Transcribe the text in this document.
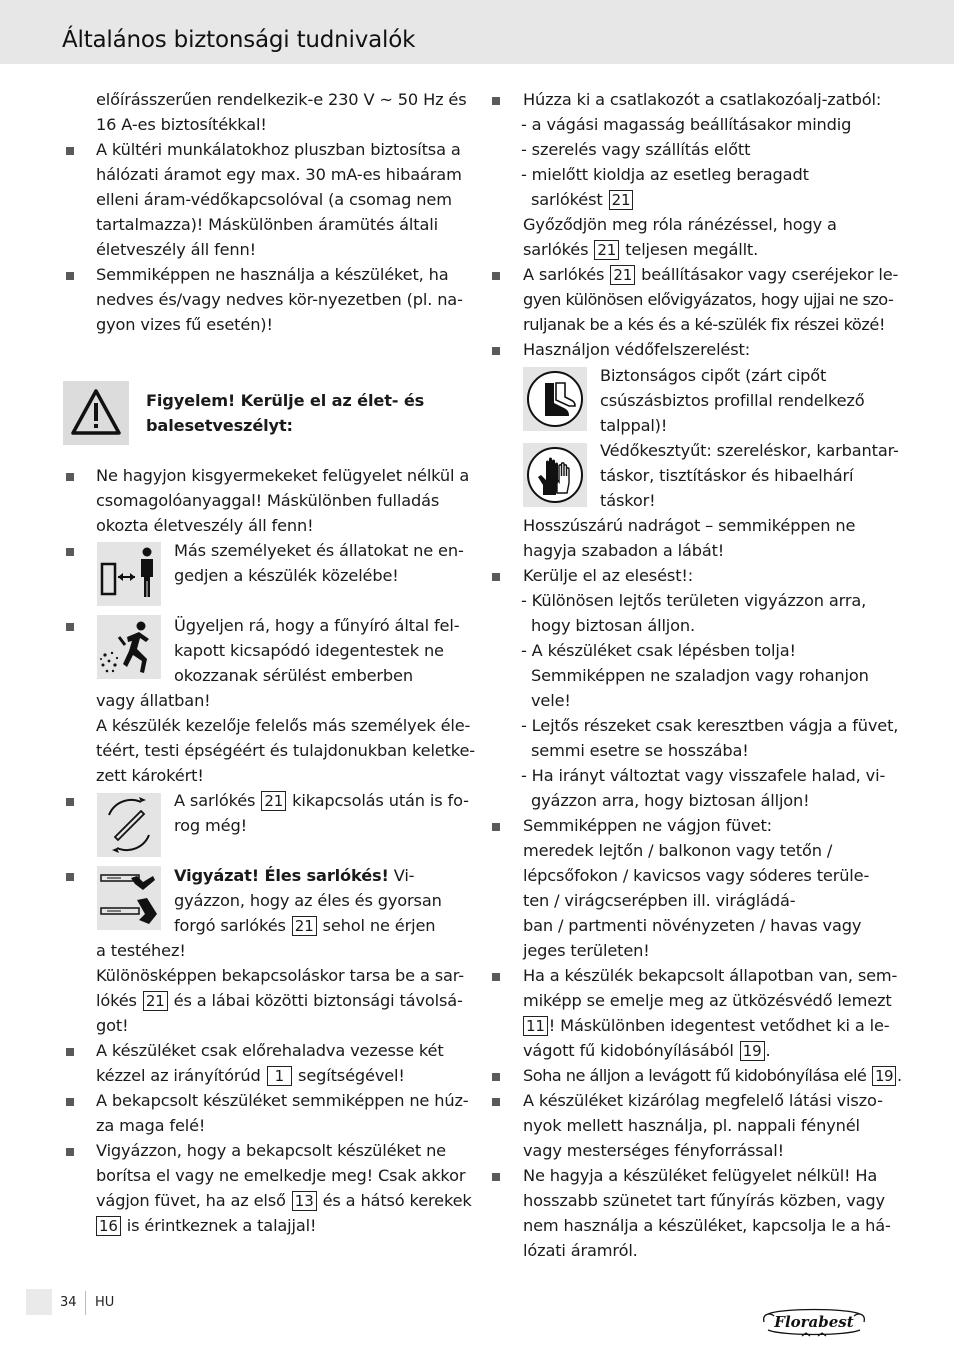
Általános biztonsági tudnivalók
előírásszerűen rendelkezik-e 230 V ~ 50 Hz és
16 A-es biztosítékkal!
A kültéri munkálatokhoz pluszban biztosítsa a
hálózati áramot egy max. 30 mA-es hibaáram
elleni áram-védőkapcsolóval (a csomag nem
tartalmazza)! Máskülönben áramütés általi
életveszély áll fenn!
Semmiképpen ne használja a készüléket, ha
nedves és/vagy nedves kör-nyezetben (pl. na-
gyon vizes fű esetén)!
Figyelem! Kerülje el az élet- és
balesetveszélyt:
Ne hagyjon kisgyermekeket felügyelet nélkül a
csomagolóanyaggal! Máskülönben fulladás
okozta életveszély áll fenn!
Más személyeket és állatokat ne en-
gedjen a készülék közelébe!
Ügyeljen rá, hogy a fűnyíró által fel-
kapott kicsapódó idegentestek ne
okozzanak sérülést emberben
vagy állatban!
A készülék kezelője felelős más személyek éle-
téért, testi épségéért és tulajdonukban keletke-
zett károkért!
A sarlókés 21 kikapcsolás után is fo-
rog még!
Vigyázat! Éles sarlókés! Vi-
gyázzon, hogy az éles és gyorsan
forgó sarlókés 21 sehol ne érjen
a testéhez!
Különösképpen bekapcsoláskor tarsa be a sar-
lókés 21 és a lábai közötti biztonsági távolsá-
got!
A készüléket csak előrehaladva vezesse két
kézzel az irányítórúd 1 segítségével!
A bekapcsolt készüléket semmiképpen ne húz-
za maga felé!
Vigyázzon, hogy a bekapcsolt készüléket ne
borítsa el vagy ne emelkedje meg! Csak akkor
vágjon füvet, ha az első 13 és a hátsó kerekek
16 is érintkeznek a talajjal!
Húzza ki a csatlakozót a csatlakozóalj-zatból:
- a vágási magasság beállításakor mindig
- szerelés vagy szállítás előtt
- mielőtt kioldja az esetleg beragadt
sarlókést 21
Győződjön meg róla ránézéssel, hogy a
sarlókés 21 teljesen megállt.
A sarlókés 21 beállításakor vagy cseréjekor le-
gyen különösen elővigyázatos, hogy ujjai ne szo-
ruljanak be a kés és a ké-szülék fix részei közé!
Használjon védőfelszerelést:
Biztonságos cipőt (zárt cipőt
csúszásbiztos profillal rendelkező
talppal)!
Védőkesztyűt: szereléskor, karbantar-
táskor, tisztításkor és hibaelhárí
táskor!
Hosszúszárú nadrágot – semmiképpen ne
hagyja szabadon a lábát!
Kerülje el az elesést!:
- Különösen lejtős területen vigyázzon arra,
hogy biztosan álljon.
- A készüléket csak lépésben tolja!
Semmiképpen ne szaladjon vagy rohanjon
vele!
- Lejtős részeket csak keresztben vágja a füvet,
semmi esetre se hosszába!
- Ha irányt változtat vagy visszafele halad, vi-
gyázzon arra, hogy biztosan álljon!
Semmiképpen ne vágjon füvet:
meredek lejtőn / balkonon vagy tetőn /
lépcsőfokon / kavicsos vagy sóderes terüle-
ten / virágcserépben ill. virágládá-
ban / partmenti növényzeten / havas vagy
jeges területen!
Ha a készülék bekapcsolt állapotban van, sem-
miképp se emelje meg az ütközésvédő lemezt
11 ! Máskülönben idegentest vetődhet ki a le-
vágott fű kidobónyílásából 19 .
Soha ne álljon a levágott fű kidobónyílása elé 19 .
A készüléket kizárólag megfelelő látási viszo-
nyok mellett használja, pl. nappali fénynél
vagy mesterséges fényforrással!
Ne hagyja a készüléket felügyelet nélkül! Ha
hosszabb szünetet tart fűnyírás közben, vagy
nem használja a készüléket, kapcsolja le a há-
lózati áramról.
34 HU
Florabest
